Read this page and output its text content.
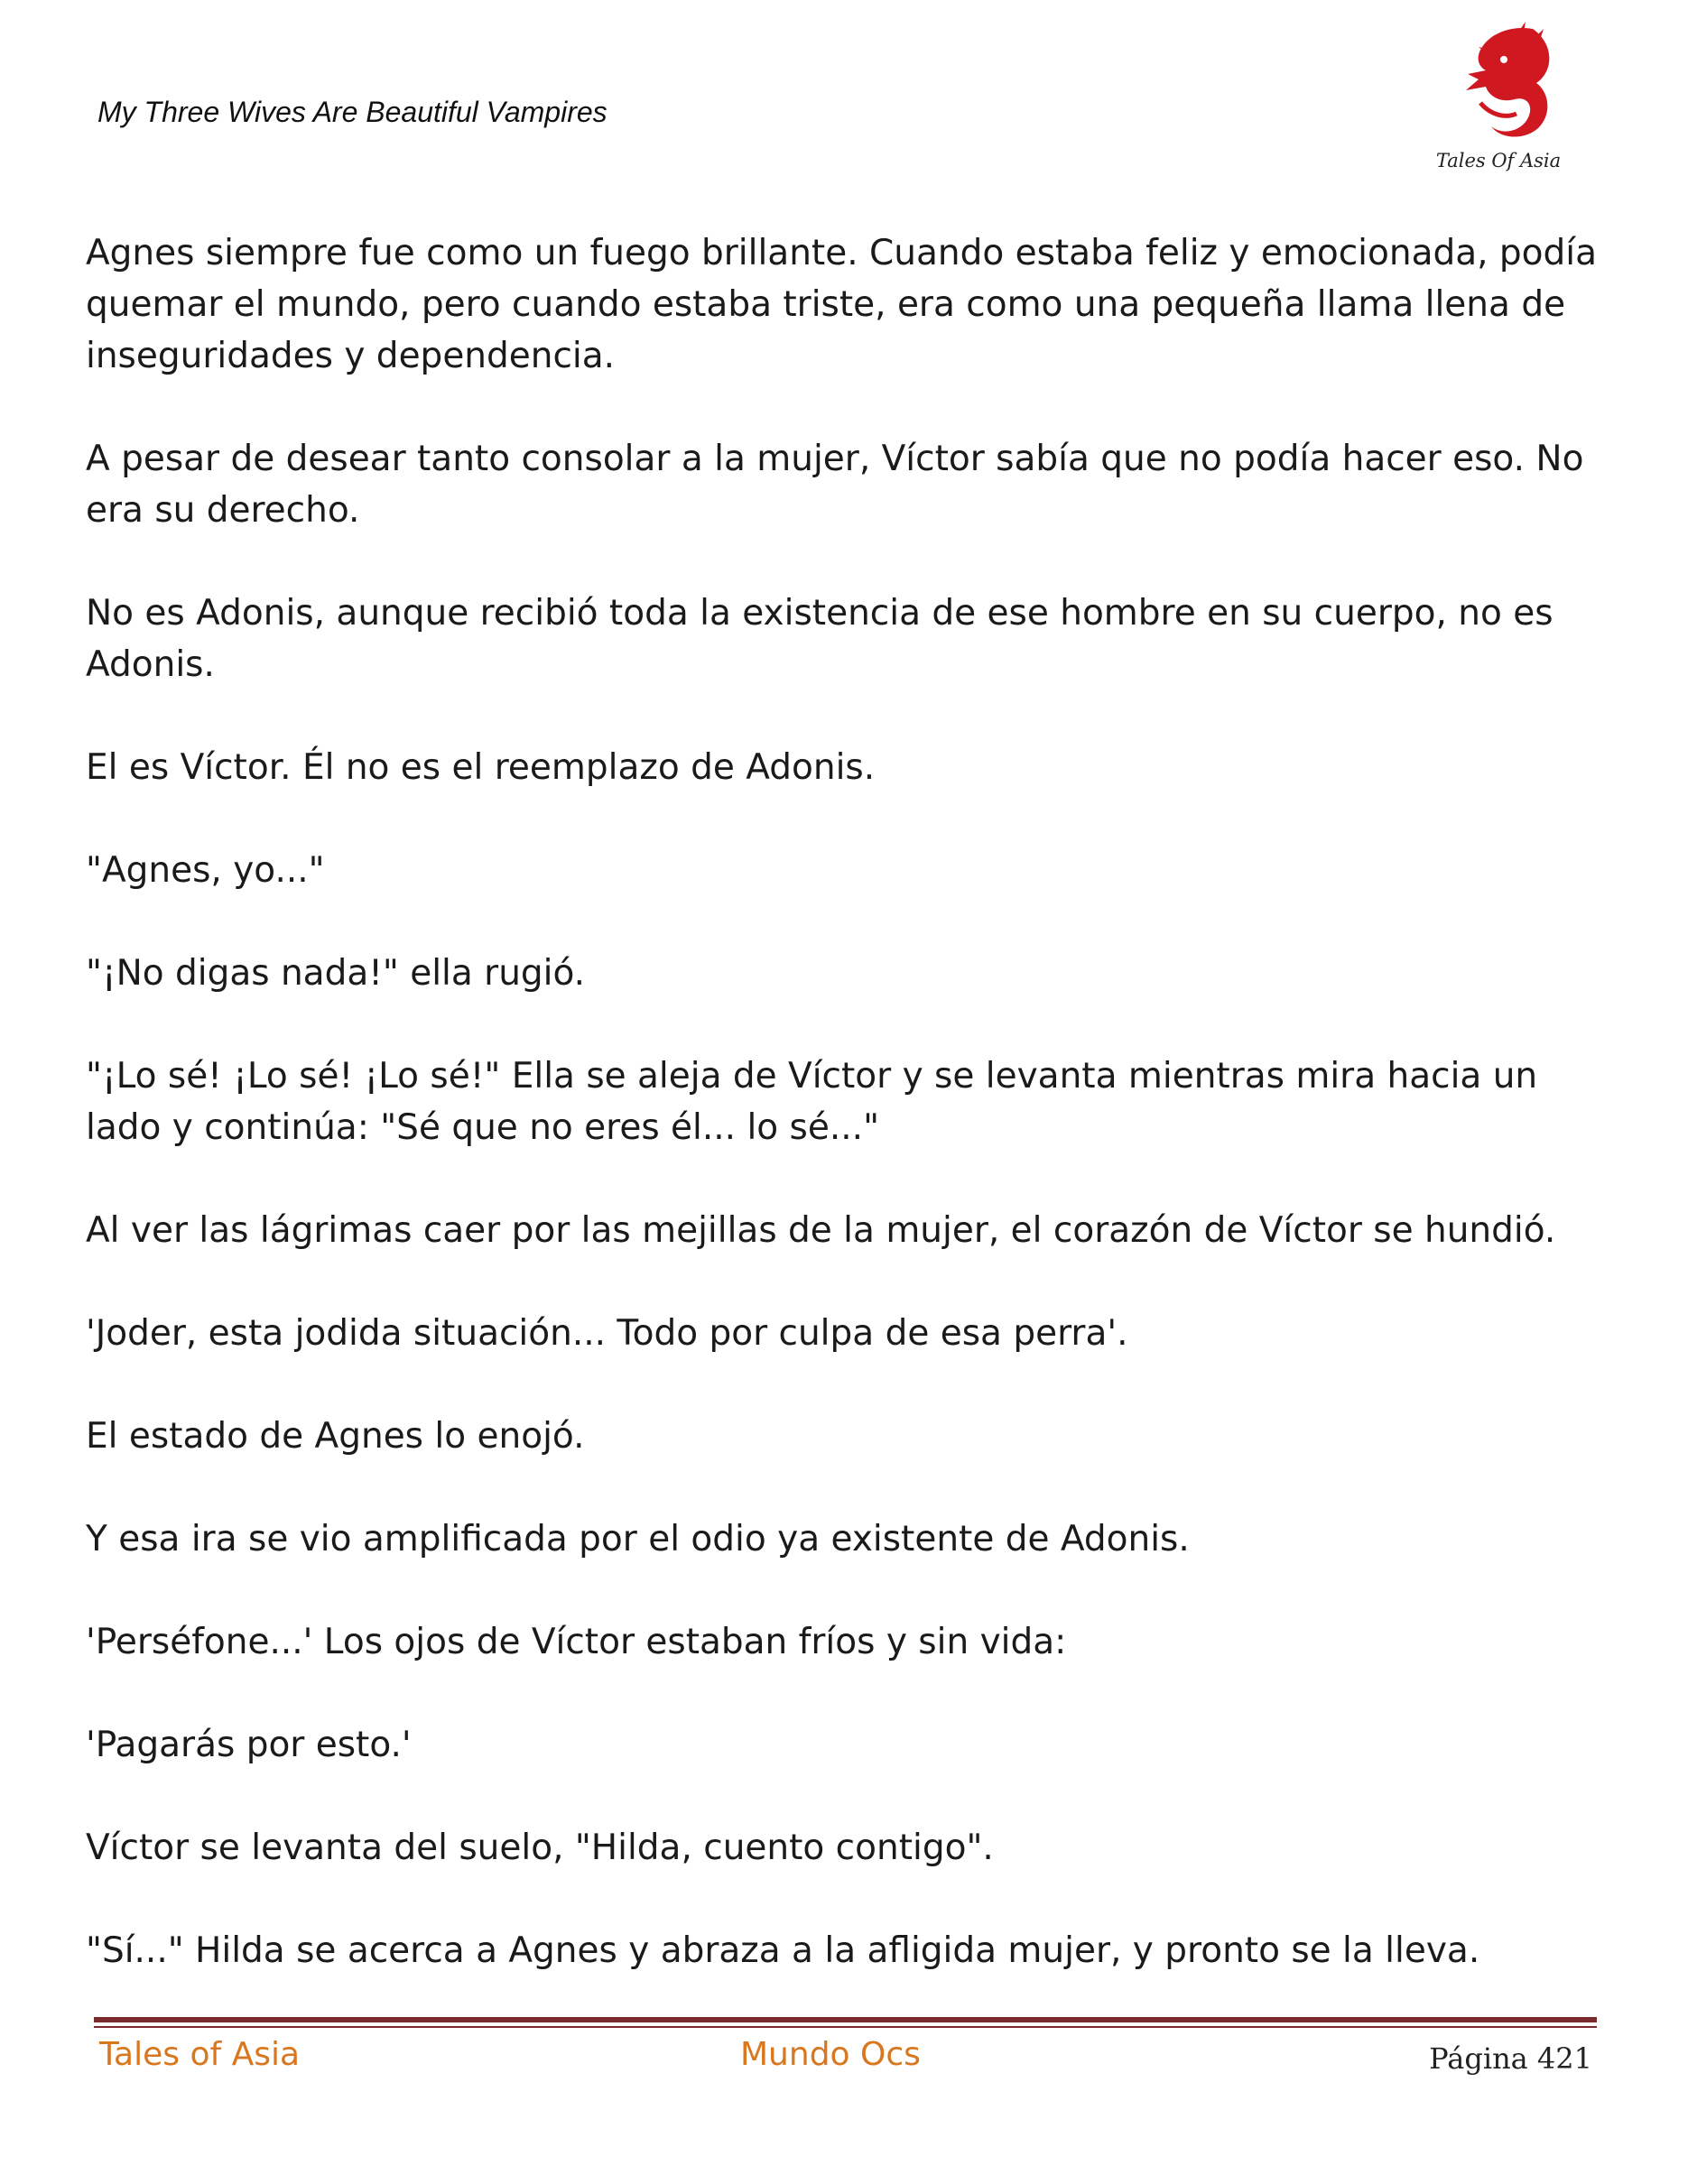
My Three Wives Are Beautiful Vampires
Tales Of Asia

Agnes siempre fue como un fuego brillante. Cuando estaba feliz y emocionada, podía quemar el mundo, pero cuando estaba triste, era como una pequeña llama llena de inseguridades y dependencia.

A pesar de desear tanto consolar a la mujer, Víctor sabía que no podía hacer eso. No era su derecho.

No es Adonis, aunque recibió toda la existencia de ese hombre en su cuerpo, no es Adonis.

El es Víctor. Él no es el reemplazo de Adonis.

"Agnes, yo..."

"¡No digas nada!" ella rugió.

"¡Lo sé! ¡Lo sé! ¡Lo sé!" Ella se aleja de Víctor y se levanta mientras mira hacia un lado y continúa: "Sé que no eres él... lo sé..."

Al ver las lágrimas caer por las mejillas de la mujer, el corazón de Víctor se hundió.

'Joder, esta jodida situación... Todo por culpa de esa perra'.

El estado de Agnes lo enojó.

Y esa ira se vio amplificada por el odio ya existente de Adonis.

'Perséfone...' Los ojos de Víctor estaban fríos y sin vida:

'Pagarás por esto.'

Víctor se levanta del suelo, "Hilda, cuento contigo".

"Sí..." Hilda se acerca a Agnes y abraza a la afligida mujer, y pronto se la lleva.

Tales of Asia	Mundo Ocs	Página 421
